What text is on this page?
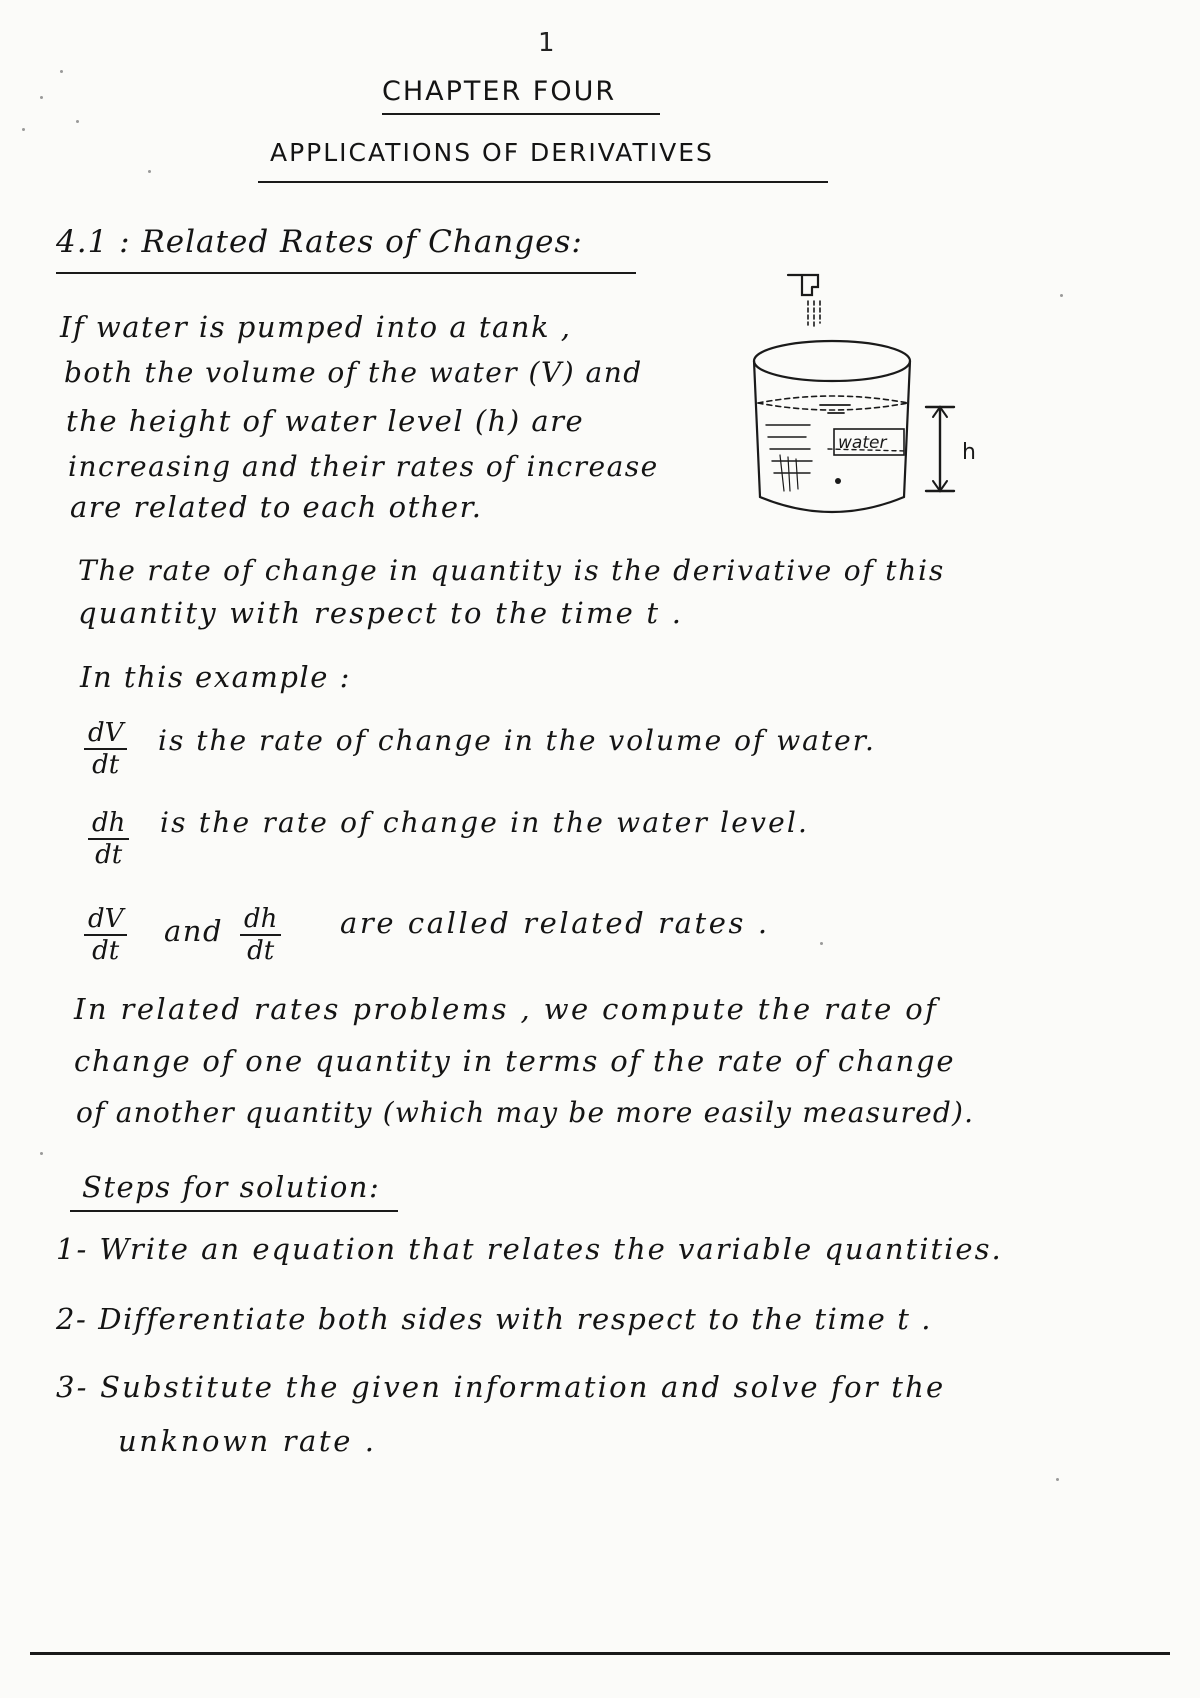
1
CHAPTER FOUR
APPLICATIONS OF DERIVATIVES
4.1 : Related Rates of Changes:
If water is pumped into a tank ,
both the volume of the water (V) and
the height of water level (h) are
increasing and their rates of increase
are related to each other.
water	h
The rate of change in quantity is the derivative of this
quantity with respect to the time t .
In this example :
$\frac{dV}{dt}$ is the rate of change in the volume of water.
$\frac{dh}{dt}$ is the rate of change in the water level.
$\frac{dV}{dt}$ and $\frac{dh}{dt}$ are called related rates .
In related rates problems , we compute the rate of
change of one quantity in terms of the rate of change
of another quantity (which may be more easily measured).
Steps for solution:
1- Write an equation that relates the variable quantities.
2- Differentiate both sides with respect to the time t .
3- Substitute the given information and solve for the
unknown rate .
